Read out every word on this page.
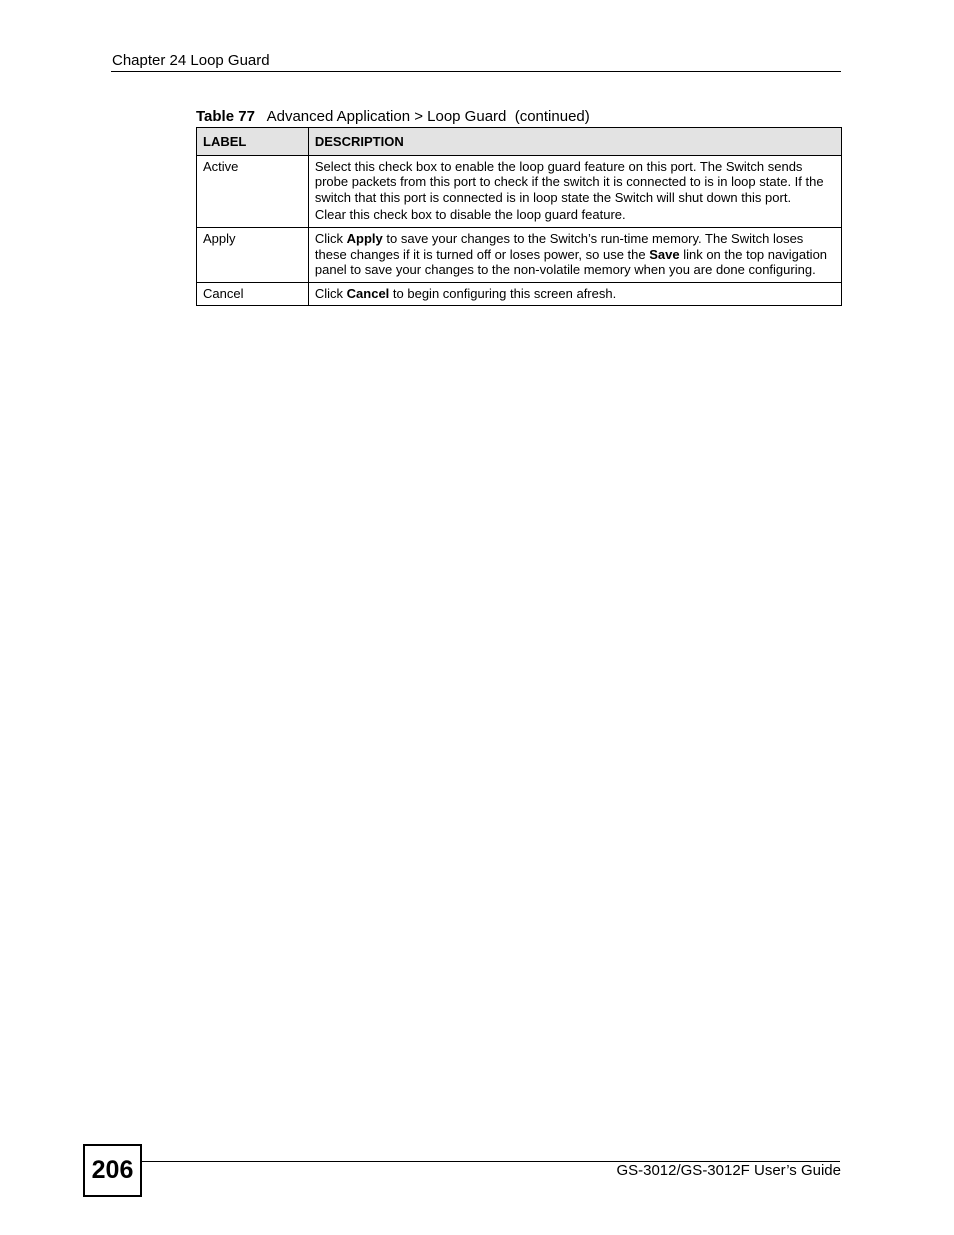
Chapter 24 Loop Guard
Table 77 Advanced Application > Loop Guard  (continued)
LABEL	DESCRIPTION
Active	Select this check box to enable the loop guard feature on this port. The Switch sends probe packets from this port to check if the switch it is connected to is in loop state. If the switch that this port is connected is in loop state the Switch will shut down this port.
Clear this check box to disable the loop guard feature.

Apply	Click Apply to save your changes to the Switch’s run-time memory. The Switch loses these changes if it is turned off or loses power, so use the Save link on the top navigation panel to save your changes to the non-volatile memory when you are done configuring.

Cancel	Click Cancel to begin configuring this screen afresh.
206	GS-3012/GS-3012F User’s Guide
